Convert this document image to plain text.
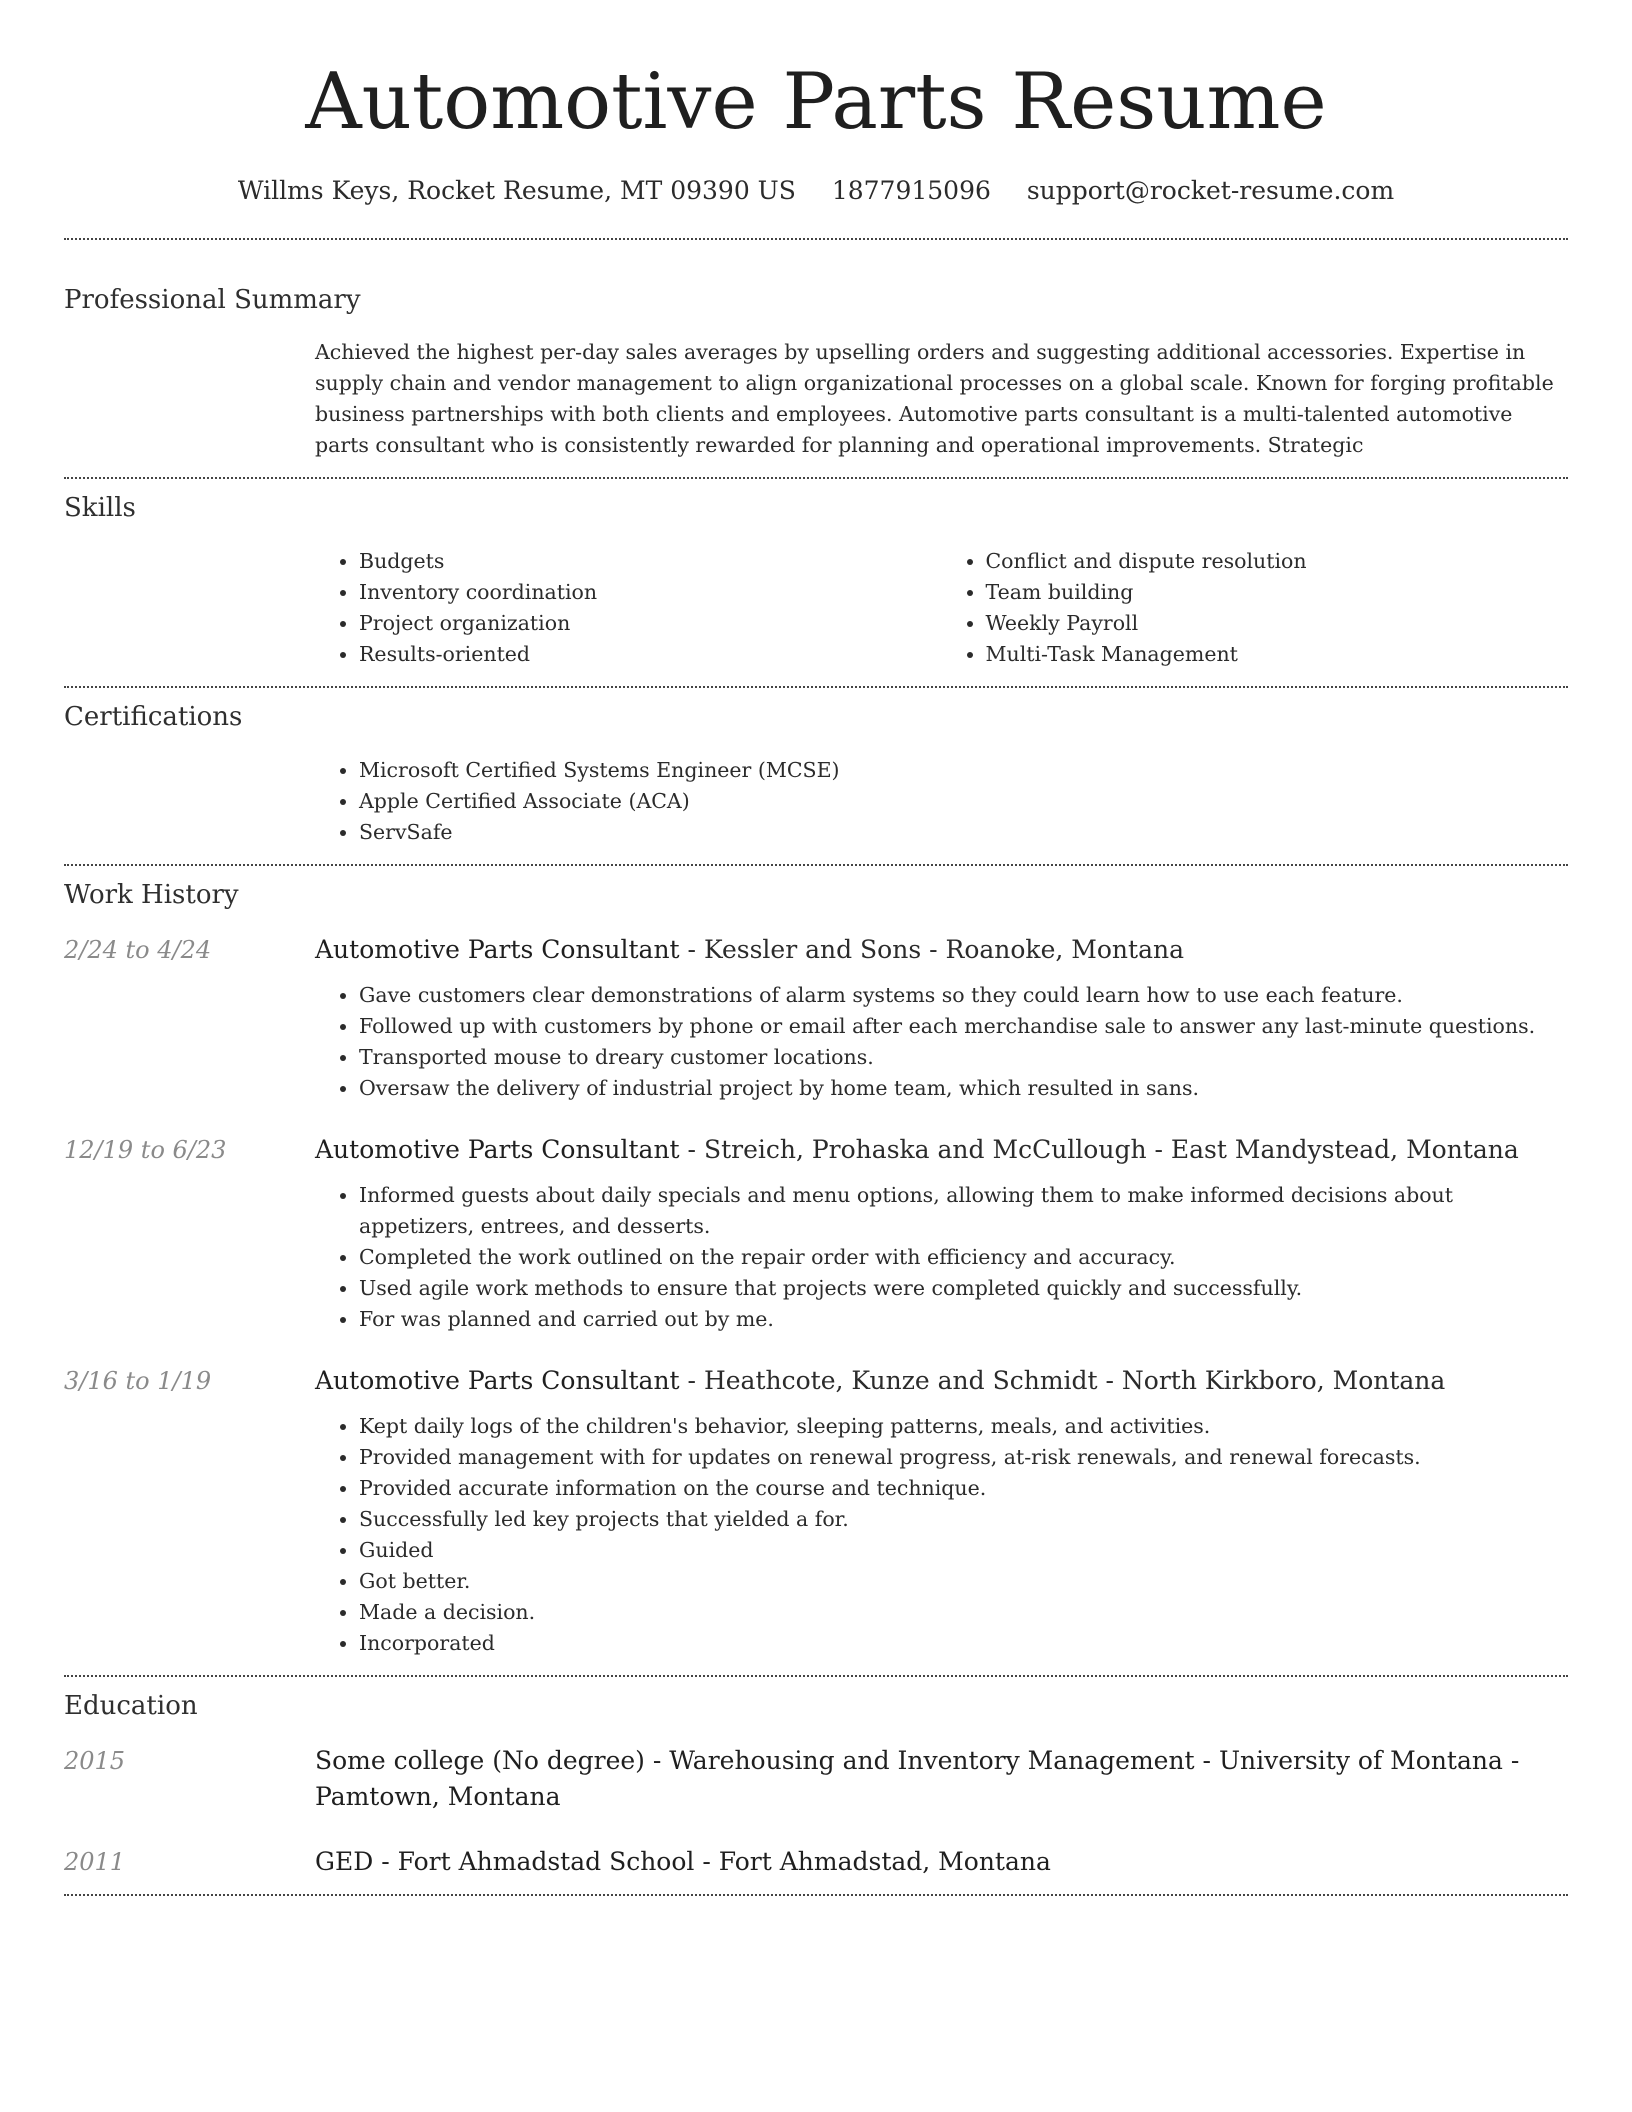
Automotive Parts Resume
Willms Keys, Rocket Resume, MT 09390 US 1877915096 support@rocket-resume.com
Professional Summary
Achieved the highest per-day sales averages by upselling orders and suggesting additional accessories. Expertise in supply chain and vendor management to align organizational processes on a global scale. Known for forging profitable business partnerships with both clients and employees. Automotive parts consultant is a multi-talented automotive parts consultant who is consistently rewarded for planning and operational improvements. Strategic
Skills
• Budgets
• Inventory coordination
• Project organization
• Results-oriented
• Conflict and dispute resolution
• Team building
• Weekly Payroll
• Multi-Task Management
Certifications
• Microsoft Certified Systems Engineer (MCSE)
• Apple Certified Associate (ACA)
• ServSafe
Work History
2/24 to 4/24	Automotive Parts Consultant - Kessler and Sons - Roanoke, Montana
• Gave customers clear demonstrations of alarm systems so they could learn how to use each feature.
• Followed up with customers by phone or email after each merchandise sale to answer any last-minute questions.
• Transported mouse to dreary customer locations.
• Oversaw the delivery of industrial project by home team, which resulted in sans.
12/19 to 6/23	Automotive Parts Consultant - Streich, Prohaska and McCullough - East Mandystead, Montana
• Informed guests about daily specials and menu options, allowing them to make informed decisions about appetizers, entrees, and desserts.
• Completed the work outlined on the repair order with efficiency and accuracy.
• Used agile work methods to ensure that projects were completed quickly and successfully.
• For was planned and carried out by me.
3/16 to 1/19	Automotive Parts Consultant - Heathcote, Kunze and Schmidt - North Kirkboro, Montana
• Kept daily logs of the children's behavior, sleeping patterns, meals, and activities.
• Provided management with for updates on renewal progress, at-risk renewals, and renewal forecasts.
• Provided accurate information on the course and technique.
• Successfully led key projects that yielded a for.
• Guided
• Got better.
• Made a decision.
• Incorporated
Education
2015	Some college (No degree) - Warehousing and Inventory Management - University of Montana - Pamtown, Montana
2011	GED - Fort Ahmadstad School - Fort Ahmadstad, Montana
